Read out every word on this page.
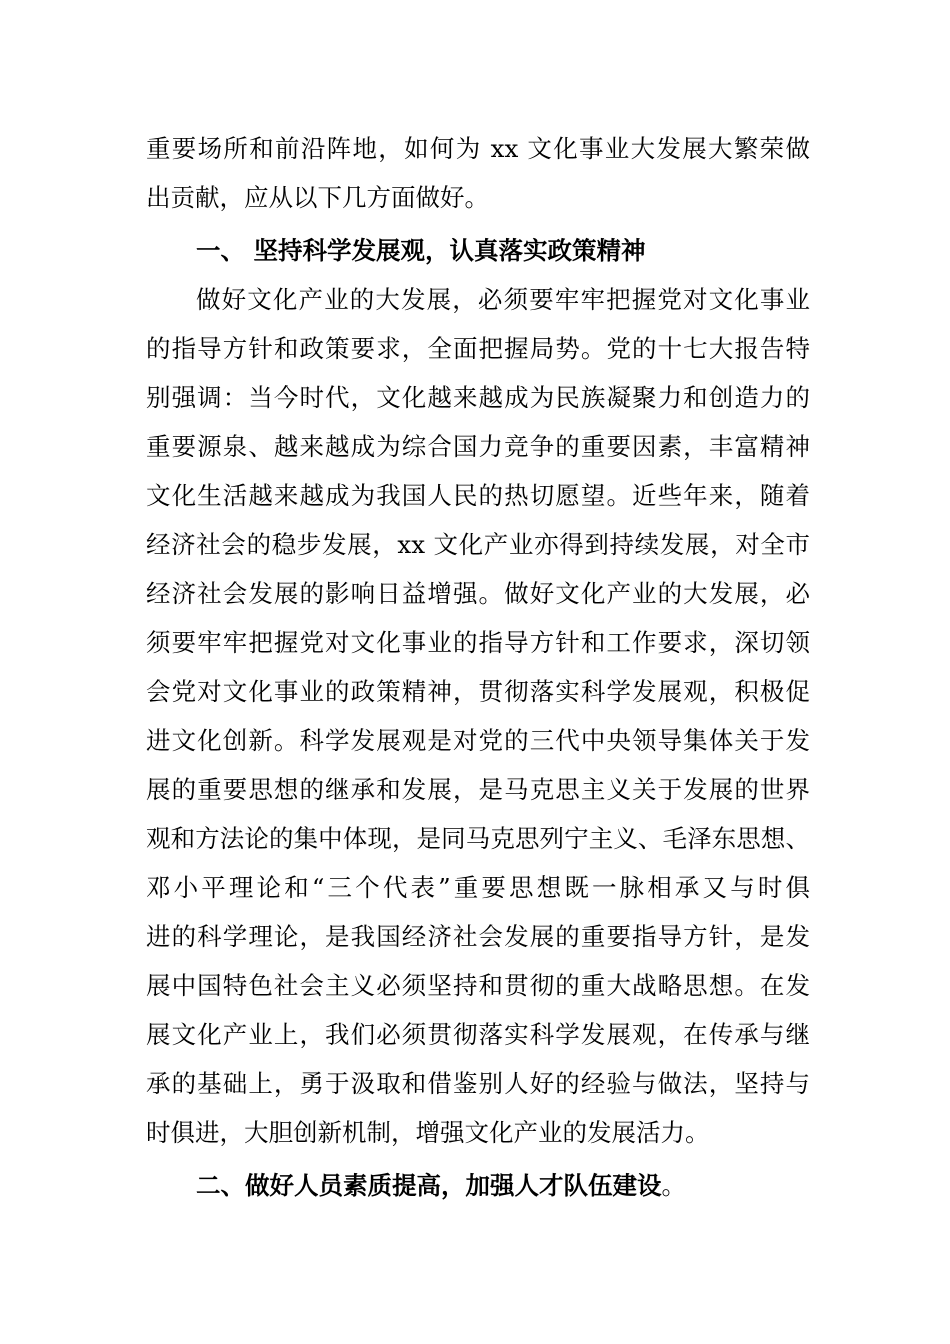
重要场所和前沿阵地，如何为 xx 文化事业大发展大繁荣做
出贡献，应从以下几方面做好。
一、 坚持科学发展观，认真落实政策精神
做好文化产业的大发展，必须要牢牢把握党对文化事业
的指导方针和政策要求，全面把握局势。党的十七大报告特
别强调：当今时代，文化越来越成为民族凝聚力和创造力的
重要源泉、越来越成为综合国力竞争的重要因素，丰富精神
文化生活越来越成为我国人民的热切愿望。近些年来，随着
经济社会的稳步发展，xx 文化产业亦得到持续发展，对全市
经济社会发展的影响日益增强。做好文化产业的大发展，必
须要牢牢把握党对文化事业的指导方针和工作要求，深切领
会党对文化事业的政策精神，贯彻落实科学发展观，积极促
进文化创新。科学发展观是对党的三代中央领导集体关于发
展的重要思想的继承和发展，是马克思主义关于发展的世界
观和方法论的集中体现，是同马克思列宁主义、毛泽东思想、
邓小平理论和“三个代表”重要思想既一脉相承又与时俱
进的科学理论，是我国经济社会发展的重要指导方针，是发
展中国特色社会主义必须坚持和贯彻的重大战略思想。在发
展文化产业上，我们必须贯彻落实科学发展观，在传承与继
承的基础上，勇于汲取和借鉴别人好的经验与做法，坚持与
时俱进，大胆创新机制，增强文化产业的发展活力。
二、做好人员素质提高，加强人才队伍建设。
